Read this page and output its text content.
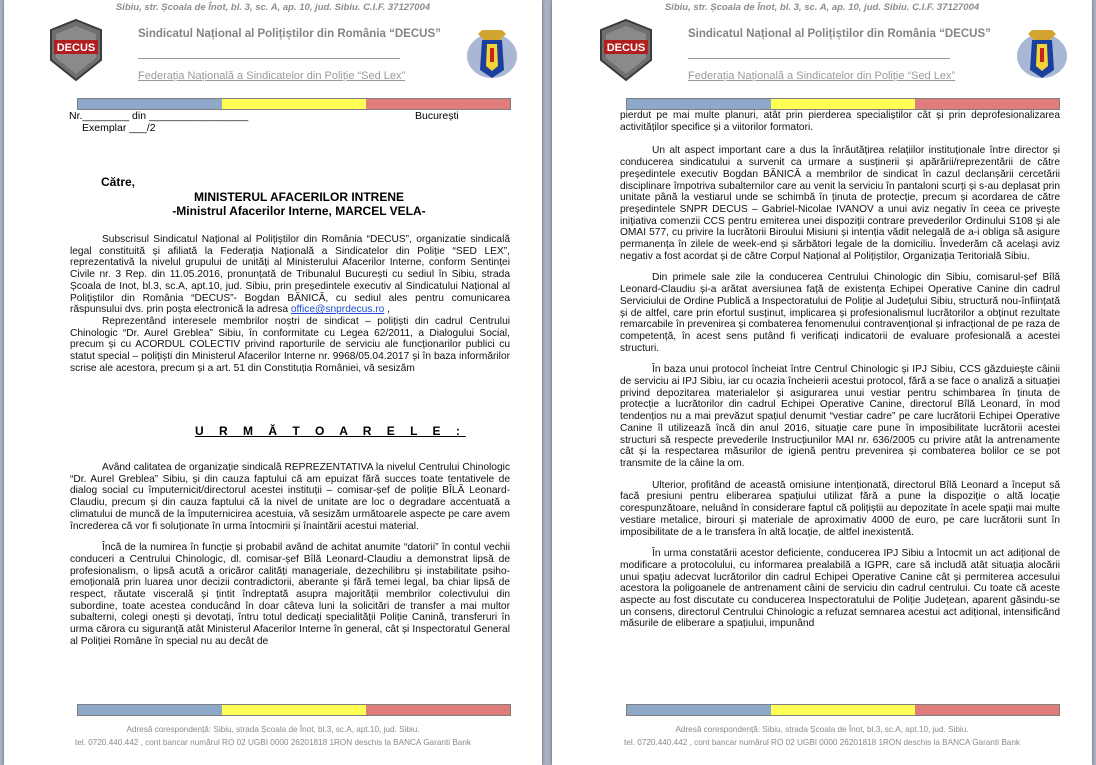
Sibiu, str. Școala de Înot, bl. 3, sc. A, ap. 10, jud. Sibiu. C.I.F. 37127004
DECUS
Sindicatul Național al Polițiștilor din România “DECUS”
Federația Națională a Sindicatelor din Poliție “Sed Lex”
Nr.________ din _________________	București
Exemplar ___/2
Către,
MINISTERUL AFACERILOR INTRENE
-Ministrul Afacerilor Interne, MARCEL VELA-

Subscrisul Sindicatul Național al Polițiștilor din România “DECUS”, organizatie sindicală legal constituită și afiliată la Federația Națională a Sindicatelor din Poliție “SED LEX”, reprezentativă la nivelul grupului de unități al Ministerului Afacerilor Interne, conform Sentinței Civile nr. 3 Rep. din 11.05.2016, pronunțată de Tribunalul București cu sediul în Sibiu, strada Școala de Inot, bl.3, sc.A, apt.10, jud. Sibiu, prin președintele executiv al Sindicatului Național al Polițiștilor din România “DECUS”- Bogdan BĂNICĂ, cu sediul ales pentru comunicarea răspunsului dvs. prin poșta electronică la adresa office@snprdecus.ro ,

Reprezentând interesele membrilor noștri de sindicat – polițiști din cadrul Centrului Chinologic “Dr. Aurel Greblea” Sibiu, în conformitate cu Legea 62/2011, a Dialogului Social, precum și cu ACORDUL COLECTIV privind raporturile de serviciu ale funcționarilor publici cu statut special – polițiști din Ministerul Afacerilor Interne nr. 9968/05.04.2017 și în baza informărilor scrise ale acestora, precum și a art. 51 din Constituția României, vă sesizăm

U R M Ă T O A R E L E :

Având calitatea de organizație sindicală REPREZENTATIVA la nivelul Centrului Chinologic “Dr. Aurel Greblea” Sibiu, și din cauza faptului că am epuizat fără succes toate tentativele de dialog social cu împuternicit/directorul acestei instituții – comisar-șef de poliție BÎLĂ Leonard-Claudiu, precum și din cauza faptului că la nivel de unitate are loc o degradare accentuată a climatului de muncă de la împuternicirea acestuia, vă sesizăm următoarele aspecte pe care avem încrederea că vor fi soluționate în urma întocmirii și înaintării acestui material.

Încă de la numirea în funcție și probabil având de achitat anumite “datorii” în contul vechii conduceri a Centrului Chinologic, dl. comisar-șef Bîlă Leonard-Claudiu a demonstrat lipsă de profesionalism, o lipsă acută a oricăror calități manageriale, dezechilibru și instabilitate psiho-emoțională prin luarea unor decizii contradictorii, aberante și fără temei legal, ba chiar lipsă de respect, răutate viscerală și țintit îndreptată asupra majorității membrilor colectivului din subordine, toate acestea conducând în doar câteva luni la solicitări de transfer a mai multor subalterni, colegi onești și devotați, întru totul dedicați specialității Poliție Canină, transferuri în urma cărora cu siguranță atât Ministerul Afacerilor Interne în general, cât și Inspectoratul General al Poliției Române în special nu au decât de

Adresă corespondență: Sibiu, strada Școala de Înot, bl.3, sc.A, apt.10, jud. Sibiu.
tel. 0720.440.442 , cont bancar numărul RO 02 UGBI 0000 26201818 1RON deschis la BANCA Garanti Bank
Sibiu, str. Școala de Înot, bl. 3, sc. A, ap. 10, jud. Sibiu. C.I.F. 37127004
DECUS
Sindicatul Național al Polițiștilor din România “DECUS”
Federația Națională a Sindicatelor din Poliție “Sed Lex”

pierdut pe mai multe planuri, atât prin pierderea specialiștilor cât și prin deprofesionalizarea activităților specifice și a viitorilor formatori.

Un alt aspect important care a dus la înrăutățirea relațiilor instituționale între director și conducerea sindicatului a survenit ca urmare a susținerii și apărării/reprezentării de către președintele executiv Bogdan BĂNICĂ a membrilor de sindicat în cazul declanșării cercetării disciplinare împotriva subalternilor care au venit la serviciu în pantaloni scurți și s-au deplasat prin unitate până la vestiarul unde se schimbă în ținuta de protecție, precum și acordarea de către președintele SNPR DECUS – Gabriel-Nicolae IVANOV a unui aviz negativ în ceea ce privește inițiativa comenzii CCS pentru emiterea unei dispoziții contrare prevederilor Ordinului S108 și ale OMAI 577, cu privire la lucrătorii Biroului Misiuni și intenția vădit nelegală de a-i obliga să asigure permanența în zilele de week-end și sărbători legale de la domiciliu. Învederăm că același aviz negativ a fost acordat și de către Corpul Național al Polițiștilor, Organizația Teritorială Sibiu.

Din primele sale zile la conducerea Centrului Chinologic din Sibiu, comisarul-șef Bîlă Leonard-Claudiu și-a arătat aversiunea față de existența Echipei Operative Canine din cadrul Serviciului de Ordine Publică a Inspectoratului de Poliție al Județului Sibiu, structură nou-înființată și de altfel, care prin efortul susținut, implicarea și profesionalismul lucrătorilor a obținut rezultate remarcabile în prevenirea și combaterea fenomenului contravențional și infracțional de pe raza de competență, în acest sens putând fi verificați indicatorii de evaluare profesională a acestei structuri.

În baza unui protocol încheiat între Centrul Chinologic și IPJ Sibiu, CCS găzduiește câinii de serviciu ai IPJ Sibiu, iar cu ocazia încheierii acestui protocol, fără a se face o analiză a situației privind depozitarea materialelor și asigurarea unui vestiar pentru schimbarea în ținuta de protecție a lucrătorilor din cadrul Echipei Operative Canine, directorul Bîlă Leonard, în mod tendențios nu a mai prevăzut spațiul denumit “vestiar cadre” pe care lucrătorii Echipei Operative Canine îl utilizează încă din anul 2016, situație care pune în imposibilitate lucrătorii acestei structuri să respecte prevederile Instrucțiunilor MAI nr. 636/2005 cu privire atât la antrenamente cât și la respectarea măsurilor de igienă pentru prevenirea și combaterea bolilor ce se pot transmite de la câine la om.

Ulterior, profitând de această omisiune intenționată, directorul Bîlă Leonard a început să facă presiuni pentru eliberarea spațiului utilizat fără a pune la dispoziție o altă locație corespunzătoare, neluând în considerare faptul că polițiștii au depozitate în acele spații mai multe vestiare metalice, birouri și materiale de aproximativ 4000 de euro, pe care lucrătorii sunt în imposibilitate de a le transfera în altă locație, de altfel inexistentă.

În urma constatării acestor deficiente, conducerea IPJ Sibiu a întocmit un act adițional de modificare a protocolului, cu informarea prealabilă a IGPR, care să includă atât situația alocării unui spațiu adecvat lucrătorilor din cadrul Echipei Operative Canine cât și permiterea accesului acestora la poligoanele de antrenament câini de serviciu din cadrul centrului. Cu toate că aceste aspecte au fost discutate cu conducerea Inspectoratului de Poliție Județean, aparent găsindu-se un consens, directorul Centrului Chinologic a refuzat semnarea acestui act adițional, intensificând măsurile de eliberare a spațiului, impunând

Adresă corespondență: Sibiu, strada Școala de Înot, bl.3, sc.A, apt.10, jud. Sibiu.
tel. 0720.440.442 , cont bancar numărul RO 02 UGBI 0000 26201818 1RON deschis la BANCA Garanti Bank
